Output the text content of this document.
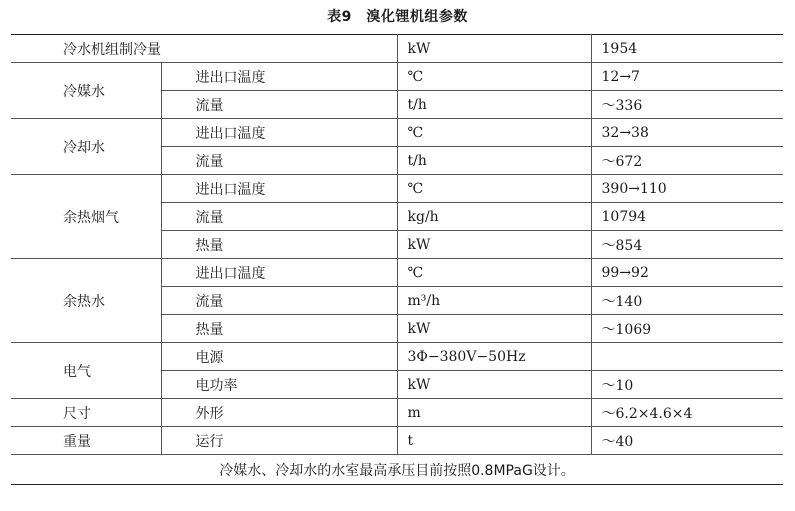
表9　溴化锂机组参数
冷水机组制冷量		kW	1954
冷媒水	进出口温度	℃	12→7
	流量	t/h	～336
冷却水	进出口温度	℃	32→38
	流量	t/h	～672
余热烟气	进出口温度	℃	390→110
	流量	kg/h	10794
	热量	kW	～854
余热水	进出口温度	℃	99→92
	流量	m³/h	～140
	热量	kW	～1069
电气	电源	3Φ−380V−50Hz	
	电功率	kW	～10
尺寸	外形	m	～6.2×4.6×4
重量	运行	t	～40
冷媒水、冷却水的水室最高承压目前按照0.8MPaG设计。			
